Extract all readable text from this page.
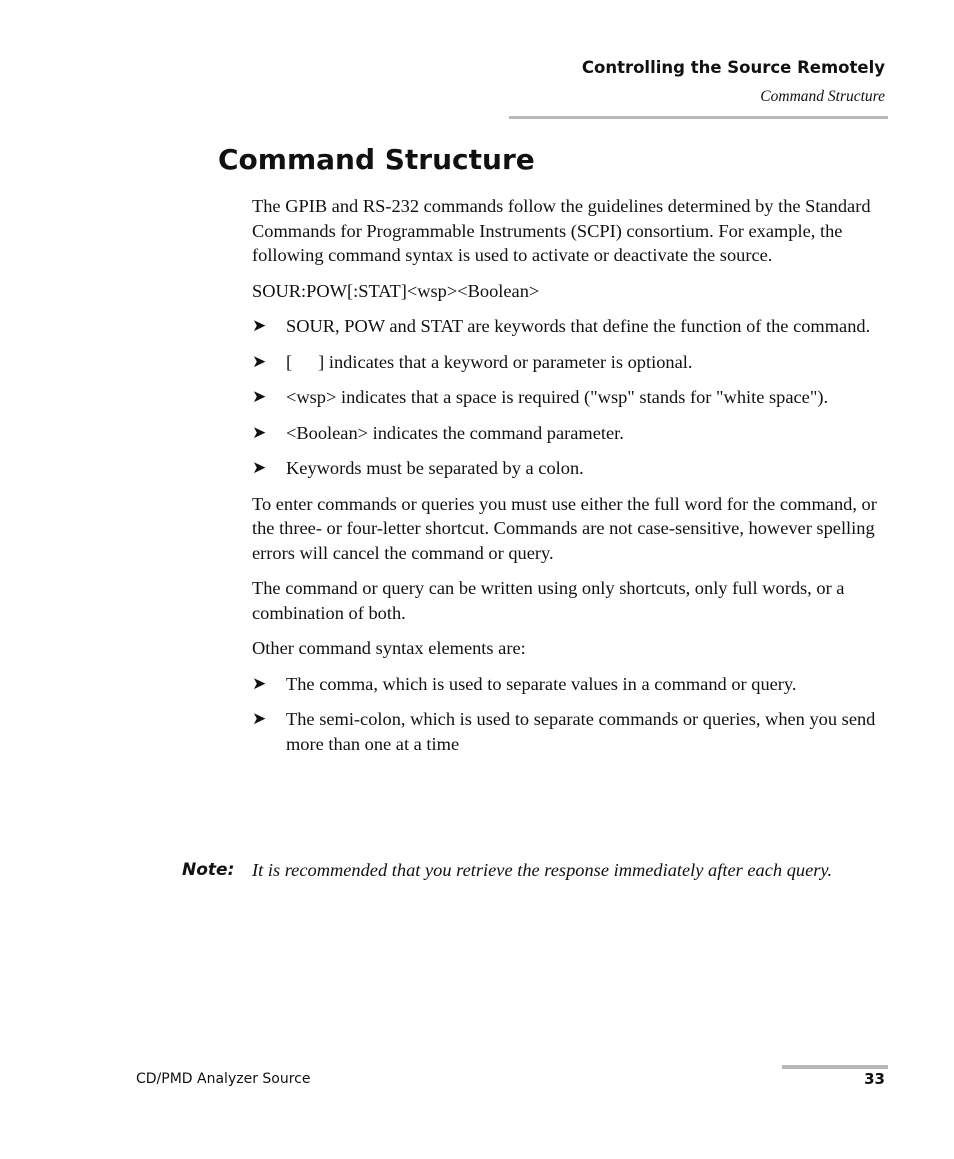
Controlling the Source Remotely
Command Structure
Command Structure

The GPIB and RS-232 commands follow the guidelines determined by the Standard Commands for Programmable Instruments (SCPI) consortium. For example, the following command syntax is used to activate or deactivate the source.

SOUR:POW[:STAT]<wsp><Boolean>

➤ SOUR, POW and STAT are keywords that define the function of the command.
➤ [ ] indicates that a keyword or parameter is optional.
➤ <wsp> indicates that a space is required ("wsp" stands for "white space").
➤ <Boolean> indicates the command parameter.
➤ Keywords must be separated by a colon.

To enter commands or queries you must use either the full word for the command, or the three- or four-letter shortcut. Commands are not case-sensitive, however spelling errors will cancel the command or query.

The command or query can be written using only shortcuts, only full words, or a combination of both.

Other command syntax elements are:

➤ The comma, which is used to separate values in a command or query.
➤ The semi-colon, which is used to separate commands or queries, when you send more than one at a time
Note: It is recommended that you retrieve the response immediately after each query.
CD/PMD Analyzer Source	33
